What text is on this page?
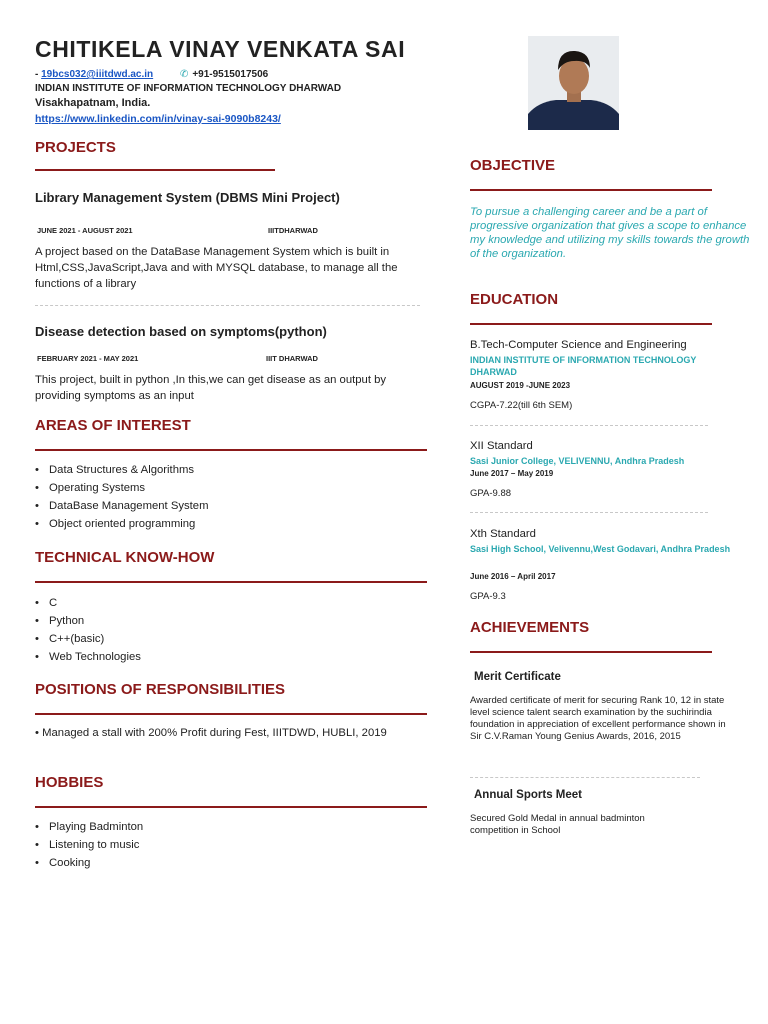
CHITIKELA VINAY VENKATA SAI
- 19bcs032@iiitdwd.ac.in	✆ +91-9515017506
INDIAN INSTITUTE OF INFORMATION TECHNOLOGY DHARWAD
Visakhapatnam, India.
https://www.linkedin.com/in/vinay-sai-9090b8243/
PROJECTS
Library Management System (DBMS Mini Project)
JUNE 2021 - AUGUST 2021	IIITDHARWAD
A project based on the DataBase Management System which is built in Html,CSS,JavaScript,Java and with MYSQL database, to manage all the functions of a library
Disease detection based on symptoms(python)
FEBRUARY 2021 - MAY 2021	IIIT DHARWAD
This project, built in python ,In this,we can get disease as an output by providing symptoms as an input
AREAS OF INTEREST
• Data Structures & Algorithms
• Operating Systems
• DataBase Management System
• Object oriented programming
TECHNICAL KNOW-HOW
• C
• Python
• C++(basic)
• Web Technologies
POSITIONS OF RESPONSIBILITIES
• Managed a stall with 200% Profit during Fest, IIITDWD, HUBLI, 2019
HOBBIES
• Playing Badminton
• Listening to music
• Cooking
OBJECTIVE
To pursue a challenging career and be a part of progressive organization that gives a scope to enhance my knowledge and utilizing my skills towards the growth of the organization.
EDUCATION
B.Tech-Computer Science and Engineering
INDIAN INSTITUTE OF INFORMATION TECHNOLOGY DHARWAD
AUGUST 2019 -JUNE 2023
CGPA-7.22(till 6th SEM)
XII Standard
Sasi Junior College, VELIVENNU, Andhra Pradesh
June 2017 – May 2019
GPA-9.88
Xth Standard
Sasi High School, Velivennu,West Godavari, Andhra Pradesh
June 2016 – April 2017
GPA-9.3
ACHIEVEMENTS
Merit Certificate
Awarded certificate of merit for securing Rank 10, 12 in state level science talent search examination by the suchirindia foundation in appreciation of excellent performance shown in Sir C.V.Raman Young Genius Awards, 2016, 2015
Annual Sports Meet
Secured Gold Medal in annual badminton competition in School
